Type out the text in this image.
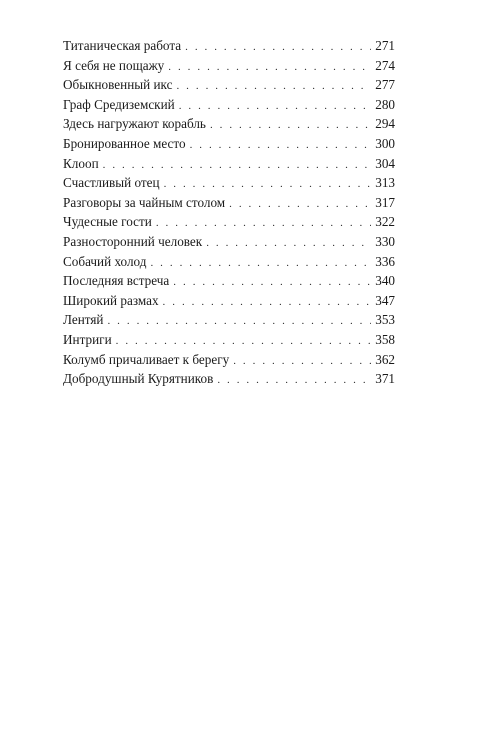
Титаническая работа . . .	271
Я себя не пощажу . . .	274
Обыкновенный икс . . .	277
Граф Средиземский . . .	280
Здесь нагружают корабль . . .	294
Бронированное место . . .	300
Клооп . . .	304
Счастливый отец . . .	313
Разговоры за чайным столом . . .	317
Чудесные гости . . .	322
Разносторонний человек . . .	330
Собачий холод . . .	336
Последняя встреча . . .	340
Широкий размах . . .	347
Лентяй . . .	353
Интриги . . .	358
Колумб причаливает к берегу . . .	362
Добродушный Курятников . . .	371
